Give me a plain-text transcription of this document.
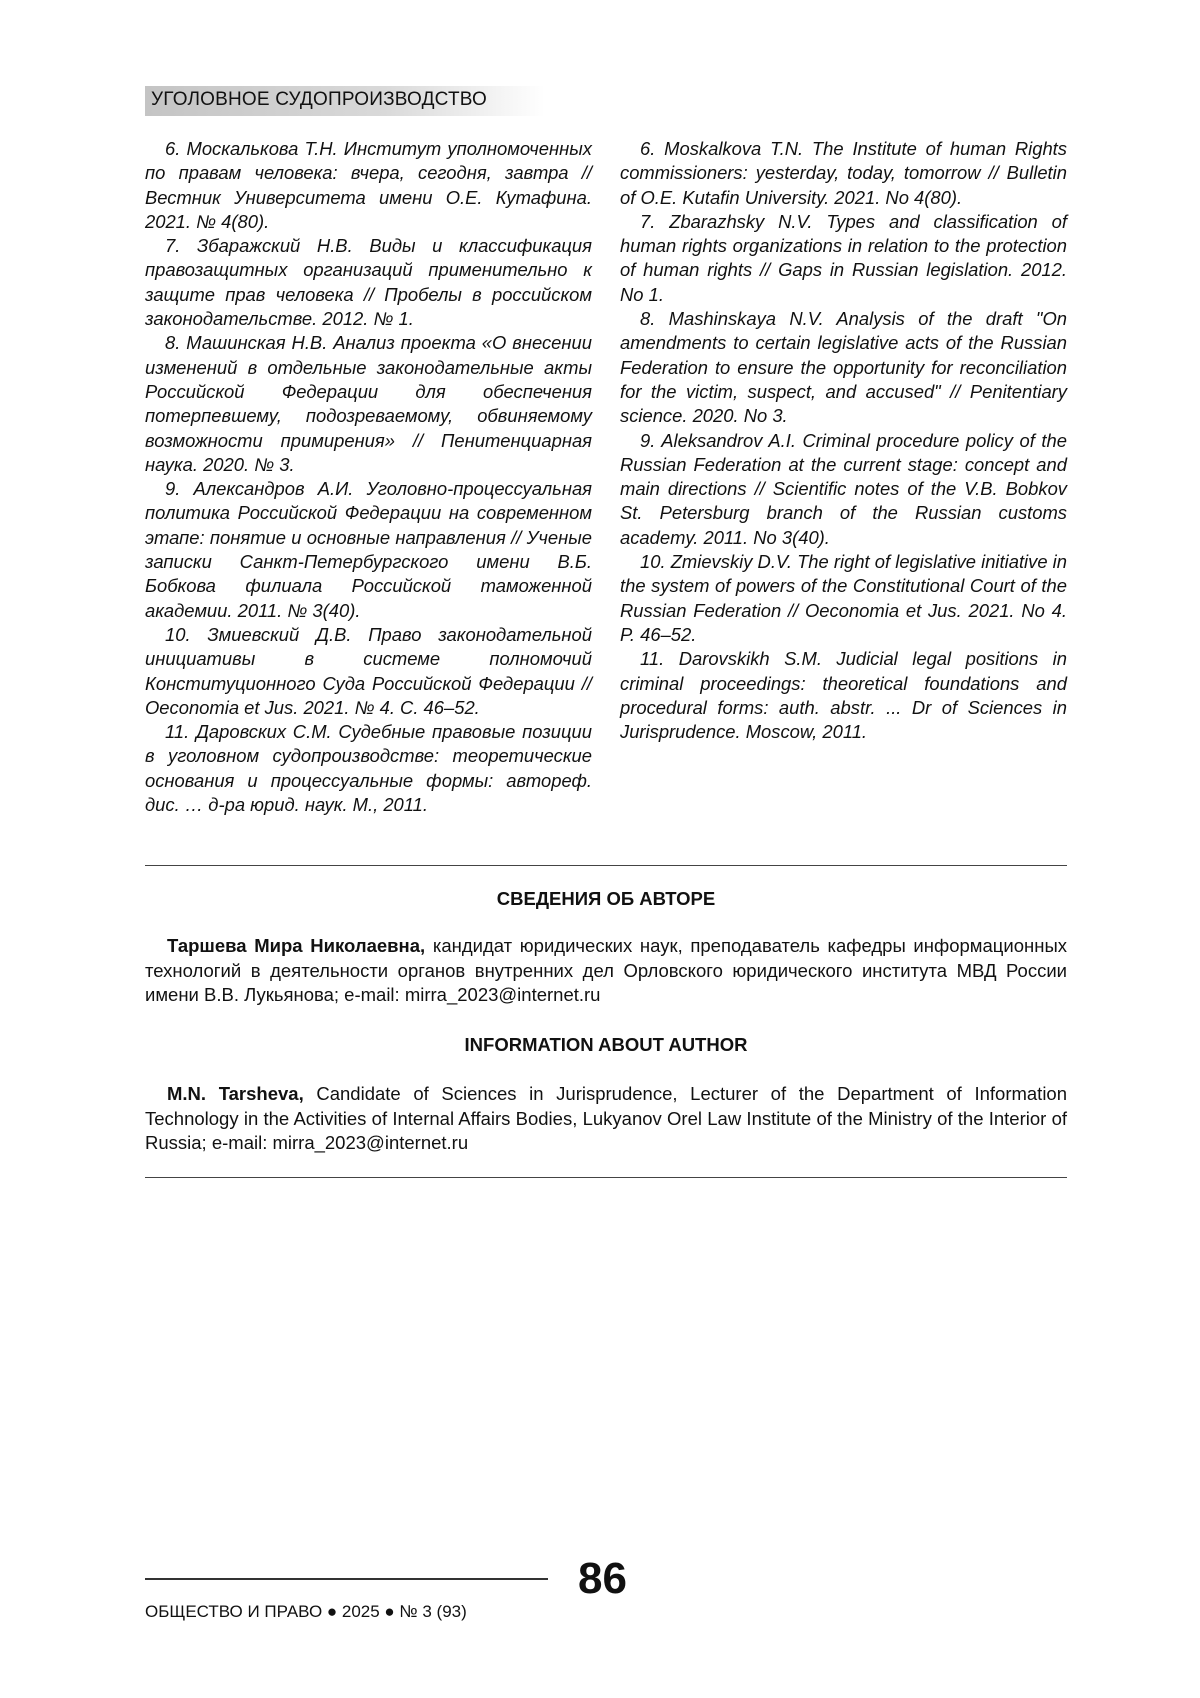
УГОЛОВНОЕ СУДОПРОИЗВОДСТВО

6. Москалькова Т.Н. Институт уполномоченных по правам человека: вчера, сегодня, завтра // Вестник Университета имени О.Е. Кутафина. 2021. № 4(80).

7. Збаражский Н.В. Виды и классификация правозащитных организаций применительно к защите прав человека // Пробелы в российском законодательстве. 2012. № 1.

8. Машинская Н.В. Анализ проекта «О внесении изменений в отдельные законодательные акты Российской Федерации для обеспечения потерпевшему, подозреваемому, обвиняемому возможности примирения» // Пенитенциарная наука. 2020. № 3.

9. Александров А.И. Уголовно-процессуальная политика Российской Федерации на современном этапе: понятие и основные направления // Ученые записки Санкт-Петербургского имени В.Б. Бобкова филиала Российской таможенной академии. 2011. № 3(40).

10. Змиевский Д.В. Право законодательной инициативы в системе полномочий Конституционного Суда Российской Федерации // Oeconomia et Jus. 2021. № 4. С. 46–52.

11. Даровских С.М. Судебные правовые позиции в уголовном судопроизводстве: теоретические основания и процессуальные формы: автореф. дис. … д-ра юрид. наук. М., 2011.

6. Moskalkova T.N. The Institute of human Rights commissioners: yesterday, today, tomorrow // Bulletin of O.E. Kutafin University. 2021. No 4(80).

7. Zbarazhsky N.V. Types and classification of human rights organizations in relation to the protection of human rights // Gaps in Russian legislation. 2012. No 1.

8. Mashinskaya N.V. Analysis of the draft "On amendments to certain legislative acts of the Russian Federation to ensure the opportunity for reconciliation for the victim, suspect, and accused" // Penitentiary science. 2020. No 3.

9. Aleksandrov A.I. Criminal procedure policy of the Russian Federation at the current stage: concept and main directions // Scientific notes of the V.B. Bobkov St. Petersburg branch of the Russian customs academy. 2011. No 3(40).

10. Zmievskiy D.V. The right of legislative initiative in the system of powers of the Constitutional Court of the Russian Federation // Oeconomia et Jus. 2021. No 4. P. 46–52.

11. Darovskikh S.M. Judicial legal positions in criminal proceedings: theoretical foundations and procedural forms: auth. abstr. ... Dr of Sciences in Jurisprudence. Moscow, 2011.

СВЕДЕНИЯ ОБ АВТОРЕ

Таршева Мира Николаевна, кандидат юридических наук, преподаватель кафедры информационных технологий в деятельности органов внутренних дел Орловского юридического института МВД России имени В.В. Лукьянова; e-mail: mirra_2023@internet.ru

INFORMATION ABOUT AUTHOR

M.N. Tarsheva, Candidate of Sciences in Jurisprudence, Lecturer of the Department of Information Technology in the Activities of Internal Affairs Bodies, Lukyanov Orel Law Institute of the Ministry of the Interior of Russia; e-mail: mirra_2023@internet.ru

86
ОБЩЕСТВО И ПРАВО ● 2025 ● № 3 (93)
